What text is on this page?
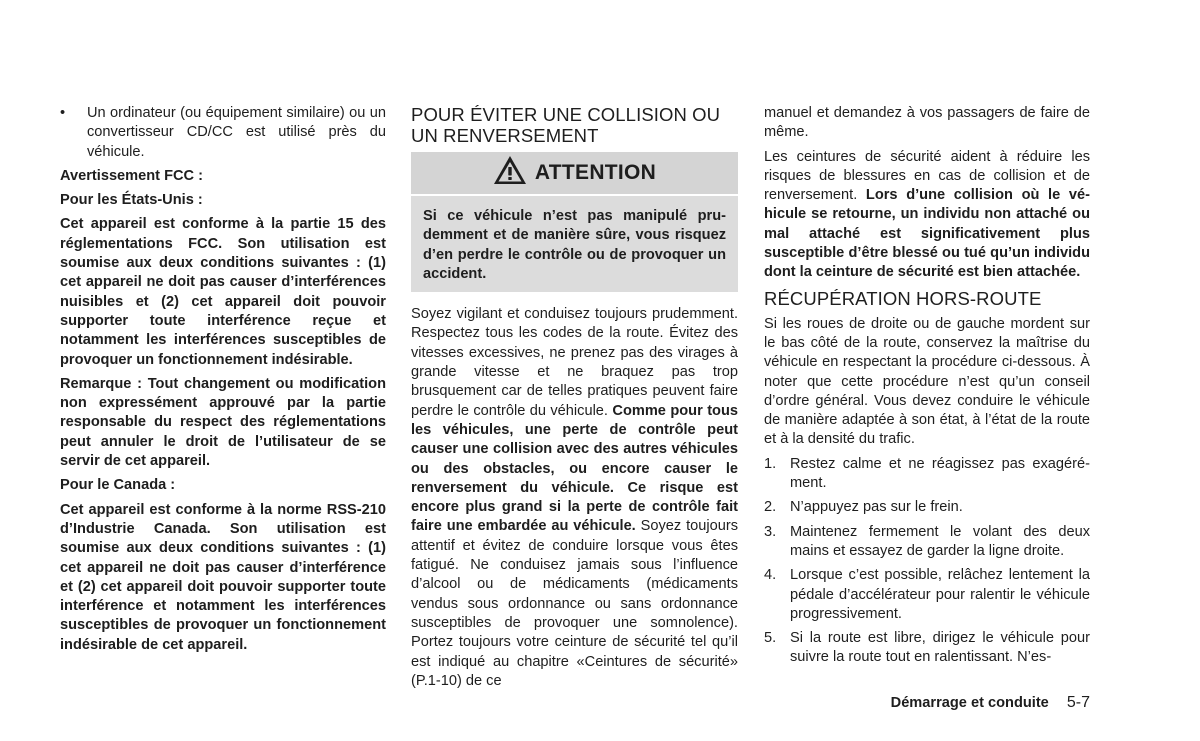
• Un ordinateur (ou équipement similaire) ou un convertisseur CD/CC est utilisé près du véhicule.

Avertissement FCC :

Pour les États-Unis :

Cet appareil est conforme à la partie 15 des réglementations FCC. Son utilisation est soumise aux deux conditions suivantes : (1) cet appareil ne doit pas causer d’interférences nuisibles et (2) cet appareil doit pouvoir supporter toute interférence reçue et notamment les interférences susceptibles de provoquer un fonctionnement indésirable.

Remarque : Tout changement ou modification non expressément approuvé par la partie responsable du respect des réglementations peut annuler le droit de l’utilisateur de se servir de cet appareil.

Pour le Canada :

Cet appareil est conforme à la norme RSS-210 d’Industrie Canada. Son utilisation est soumise aux deux conditions suivantes : (1) cet appareil ne doit pas causer d’interférence et (2) cet appareil doit pouvoir supporter toute interférence et notamment les interférences susceptibles de provoquer un fonctionnement indésirable de cet appareil.

POUR ÉVITER UNE COLLISION OU UN RENVERSEMENT
ATTENTION
Si ce véhicule n’est pas manipulé prudemment et de manière sûre, vous risquez d’en perdre le contrôle ou de provoquer un accident.

Soyez vigilant et conduisez toujours prudemment. Respectez tous les codes de la route. Évitez des vitesses excessives, ne prenez pas des virages à grande vitesse et ne braquez pas trop brusquement car de telles pratiques peuvent faire perdre le contrôle du véhicule. Comme pour tous les véhicules, une perte de contrôle peut causer une collision avec des autres véhicules ou des obstacles, ou encore causer le renversement du véhicule. Ce risque est encore plus grand si la perte de contrôle fait faire une embardée au véhicule. Soyez toujours attentif et évitez de conduire lorsque vous êtes fatigué. Ne conduisez jamais sous l’influence d’alcool ou de médicaments (médicaments vendus sous ordonnance ou sans ordonnance susceptibles de provoquer une somnolence). Portez toujours votre ceinture de sécurité tel qu’il est indiqué au chapitre «Ceintures de sécurité» (P.1-10) de ce

manuel et demandez à vos passagers de faire de même.

Les ceintures de sécurité aident à réduire les risques de blessures en cas de collision et de renversement. Lors d’une collision où le véhicule se retourne, un individu non attaché ou mal attaché est significativement plus susceptible d’être blessé ou tué qu’un individu dont la ceinture de sécurité est bien attachée.

RÉCUPÉRATION HORS-ROUTE

Si les roues de droite ou de gauche mordent sur le bas côté de la route, conservez la maîtrise du véhicule en respectant la procédure ci-dessous. À noter que cette procédure n’est qu’un conseil d’ordre général. Vous devez conduire le véhicule de manière adaptée à son état, à l’état de la route et à la densité du trafic.

1. Restez calme et ne réagissez pas exagérément.
2. N’appuyez pas sur le frein.
3. Maintenez fermement le volant des deux mains et essayez de garder la ligne droite.
4. Lorsque c’est possible, relâchez lentement la pédale d’accélérateur pour ralentir le véhicule progressivement.
5. Si la route est libre, dirigez le véhicule pour suivre la route tout en ralentissant. N’es-
Démarrage et conduite 5-7
